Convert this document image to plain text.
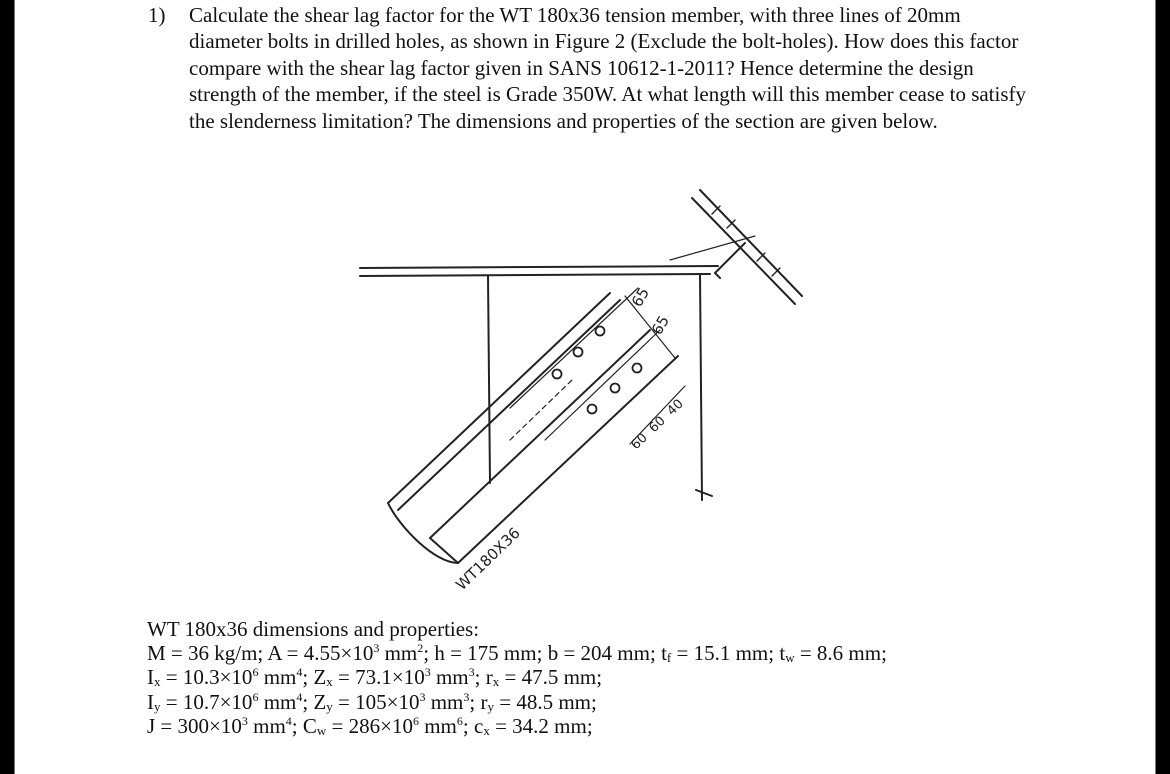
1) Calculate the shear lag factor for the WT 180x36 tension member, with three lines of 20mm diameter bolts in drilled holes, as shown in Figure 2 (Exclude the bolt-holes). How does this factor compare with the shear lag factor given in SANS 10612-1-2011? Hence determine the design strength of the member, if the steel is Grade 350W. At what length will this member cease to satisfy the slenderness limitation? The dimensions and properties of the section are given below.
WT180X36
65
65
60
60
40
WT 180x36 dimensions and properties:
M = 36 kg/m; $A = 4.55\times 10^3$ $mm^2$; h = 175 mm; b = 204 mm; $t_f = 15.1$ mm; $t_w = 8.6$ mm;
$I_x = 10.3\times 10^6$ $mm^4$; $Z_x = 73.1\times 10^3$ $mm^3$; $r_x = 47.5$ mm;
$I_y = 10.7\times 10^6$ $mm^4$; $Z_y = 105\times 10^3$ $mm^3$; $r_y = 48.5$ mm;
$J = 300\times 10^3$ $mm^4$; $C_w = 286\times 10^6$ $mm^6$; $c_x = 34.2$ mm;
